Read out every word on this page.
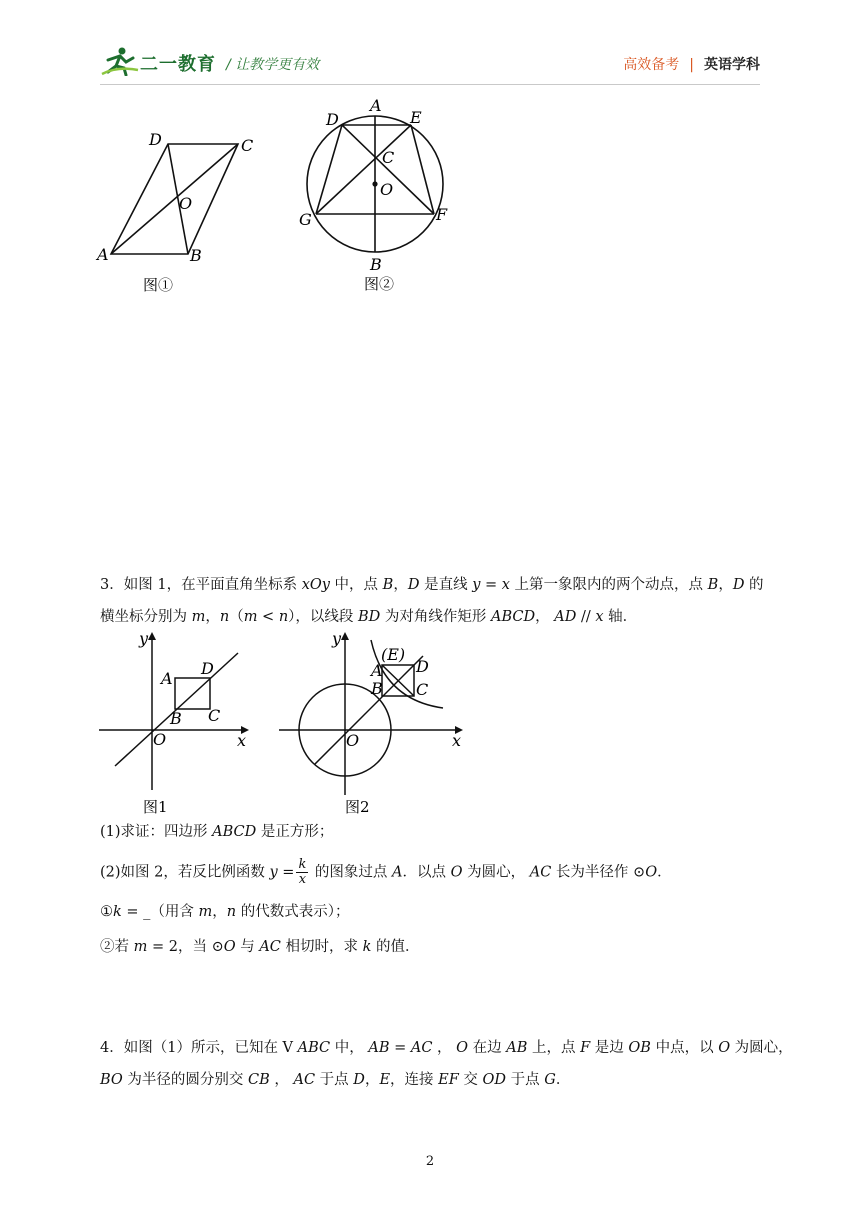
二一教育 / 让教学更有效	高效备考 | 英语学科
D	C
O
A	B
图①
A
D	E
C
O
G	F
B
图②
3．如图 1，在平面直角坐标系 xOy 中，点 B，D 是直线 y = x 上第一象限内的两个动点，点 B，D 的
横坐标分别为 m，n（m < n），以线段 BD 为对角线作矩形 ABCD， AD // x 轴．
y
x
O
A
D
B C
图1
y
x
O
(E)
A D
B C
图2
(1)求证：四边形 ABCD 是正方形；
(2)如图 2，若反比例函数 $y = \frac{k}{x}$ 的图象过点 A．以点 O 为圆心， AC 长为半径作 ⊙O．
①k = _（用含 m，n 的代数式表示）；
②若 m = 2，当 ⊙O 与 AC 相切时，求 k 的值．
4．如图（1）所示，已知在 V ABC 中， AB = AC ， O 在边 AB 上，点 F 是边 OB 中点，以 O 为圆心，
BO 为半径的圆分别交 CB ， AC 于点 D，E，连接 EF 交 OD 于点 G．
2
